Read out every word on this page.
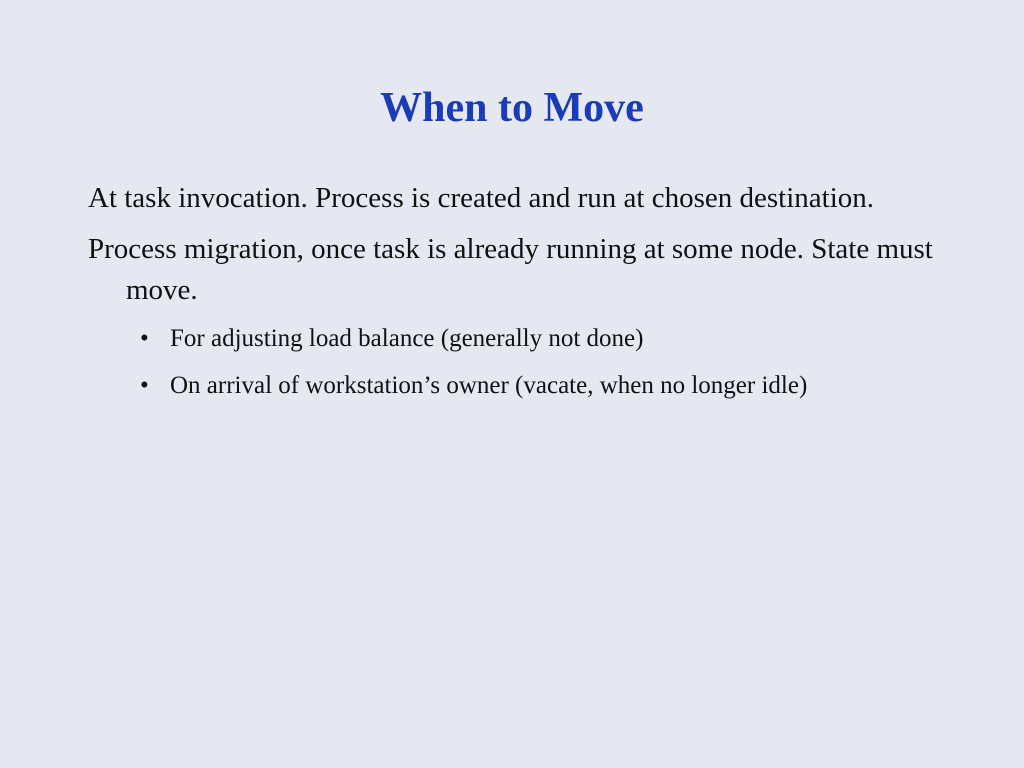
When to Move

At task invocation. Process is created and run at chosen destination.

Process migration, once task is already running at some node. State must move.

• For adjusting load balance (generally not done)
• On arrival of workstation’s owner (vacate, when no longer idle)
